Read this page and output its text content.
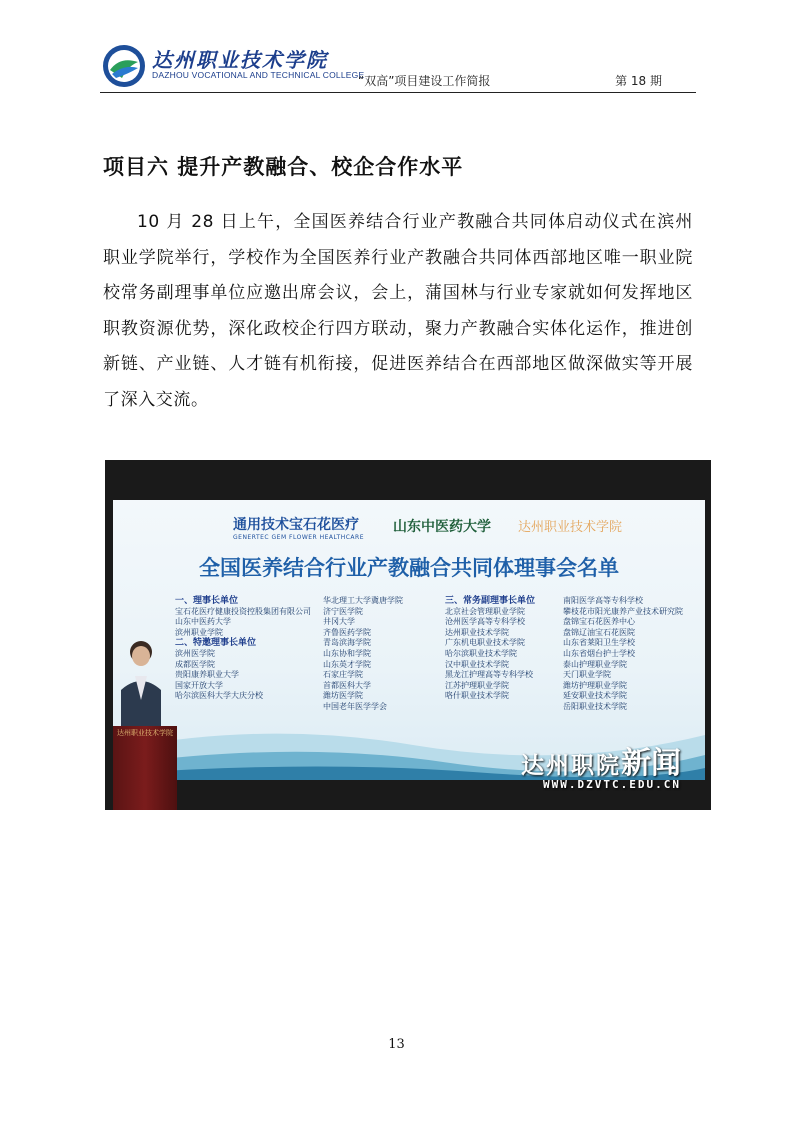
达州职业技术学院
DAZHOU VOCATIONAL AND TECHNICAL COLLEGE
“双高”项目建设工作简报	第 18 期
项目六 提升产教融合、校企合作水平

10 月 28 日上午，全国医养结合行业产教融合共同体启动仪式在滨州职业学院举行，学校作为全国医养行业产教融合共同体西部地区唯一职业院校常务副理事单位应邀出席会议，会上，蒲国林与行业专家就如何发挥地区职教资源优势，深化政校企行四方联动，聚力产教融合实体化运作，推进创新链、产业链、人才链有机衔接，促进医养结合在西部地区做深做实等开展了深入交流。

通用技术宝石花医疗
GENERTEC GEM FLOWER HEALTHCARE
山东中医药大学 达州职业技术学院
全国医养结合行业产教融合共同体理事会名单
一、理事长单位
宝石花医疗健康投资控股集团有限公司
山东中医药大学
滨州职业学院
二、特邀理事长单位
滨州医学院
成都医学院
贵阳康养职业大学
国家开放大学
哈尔滨医科大学大庆分校
华北理工大学冀唐学院
济宁医学院
井冈大学
齐鲁医药学院
青岛滨海学院
山东协和学院
山东英才学院
石家庄学院
首都医科大学
潍坊医学院
中国老年医学学会
三、常务副理事长单位
北京社会管理职业学院
沧州医学高等专科学校
达州职业技术学院
广东机电职业技术学院
哈尔滨职业技术学院
汉中职业技术学院
黑龙江护理高等专科学校
江苏护理职业学院
咯什职业技术学院
南阳医学高等专科学校
攀枝花市阳光康养产业技术研究院
盘锦宝石花医养中心
盘锦辽油宝石花医院
山东省莱阳卫生学校
山东省烟台护士学校
泰山护理职业学院
天门职业学院
潍坊护理职业学院
延安职业技术学院
岳阳职业技术学院
达州职业技术学院
达州职院新闻
WWW.DZVTC.EDU.CN
13
